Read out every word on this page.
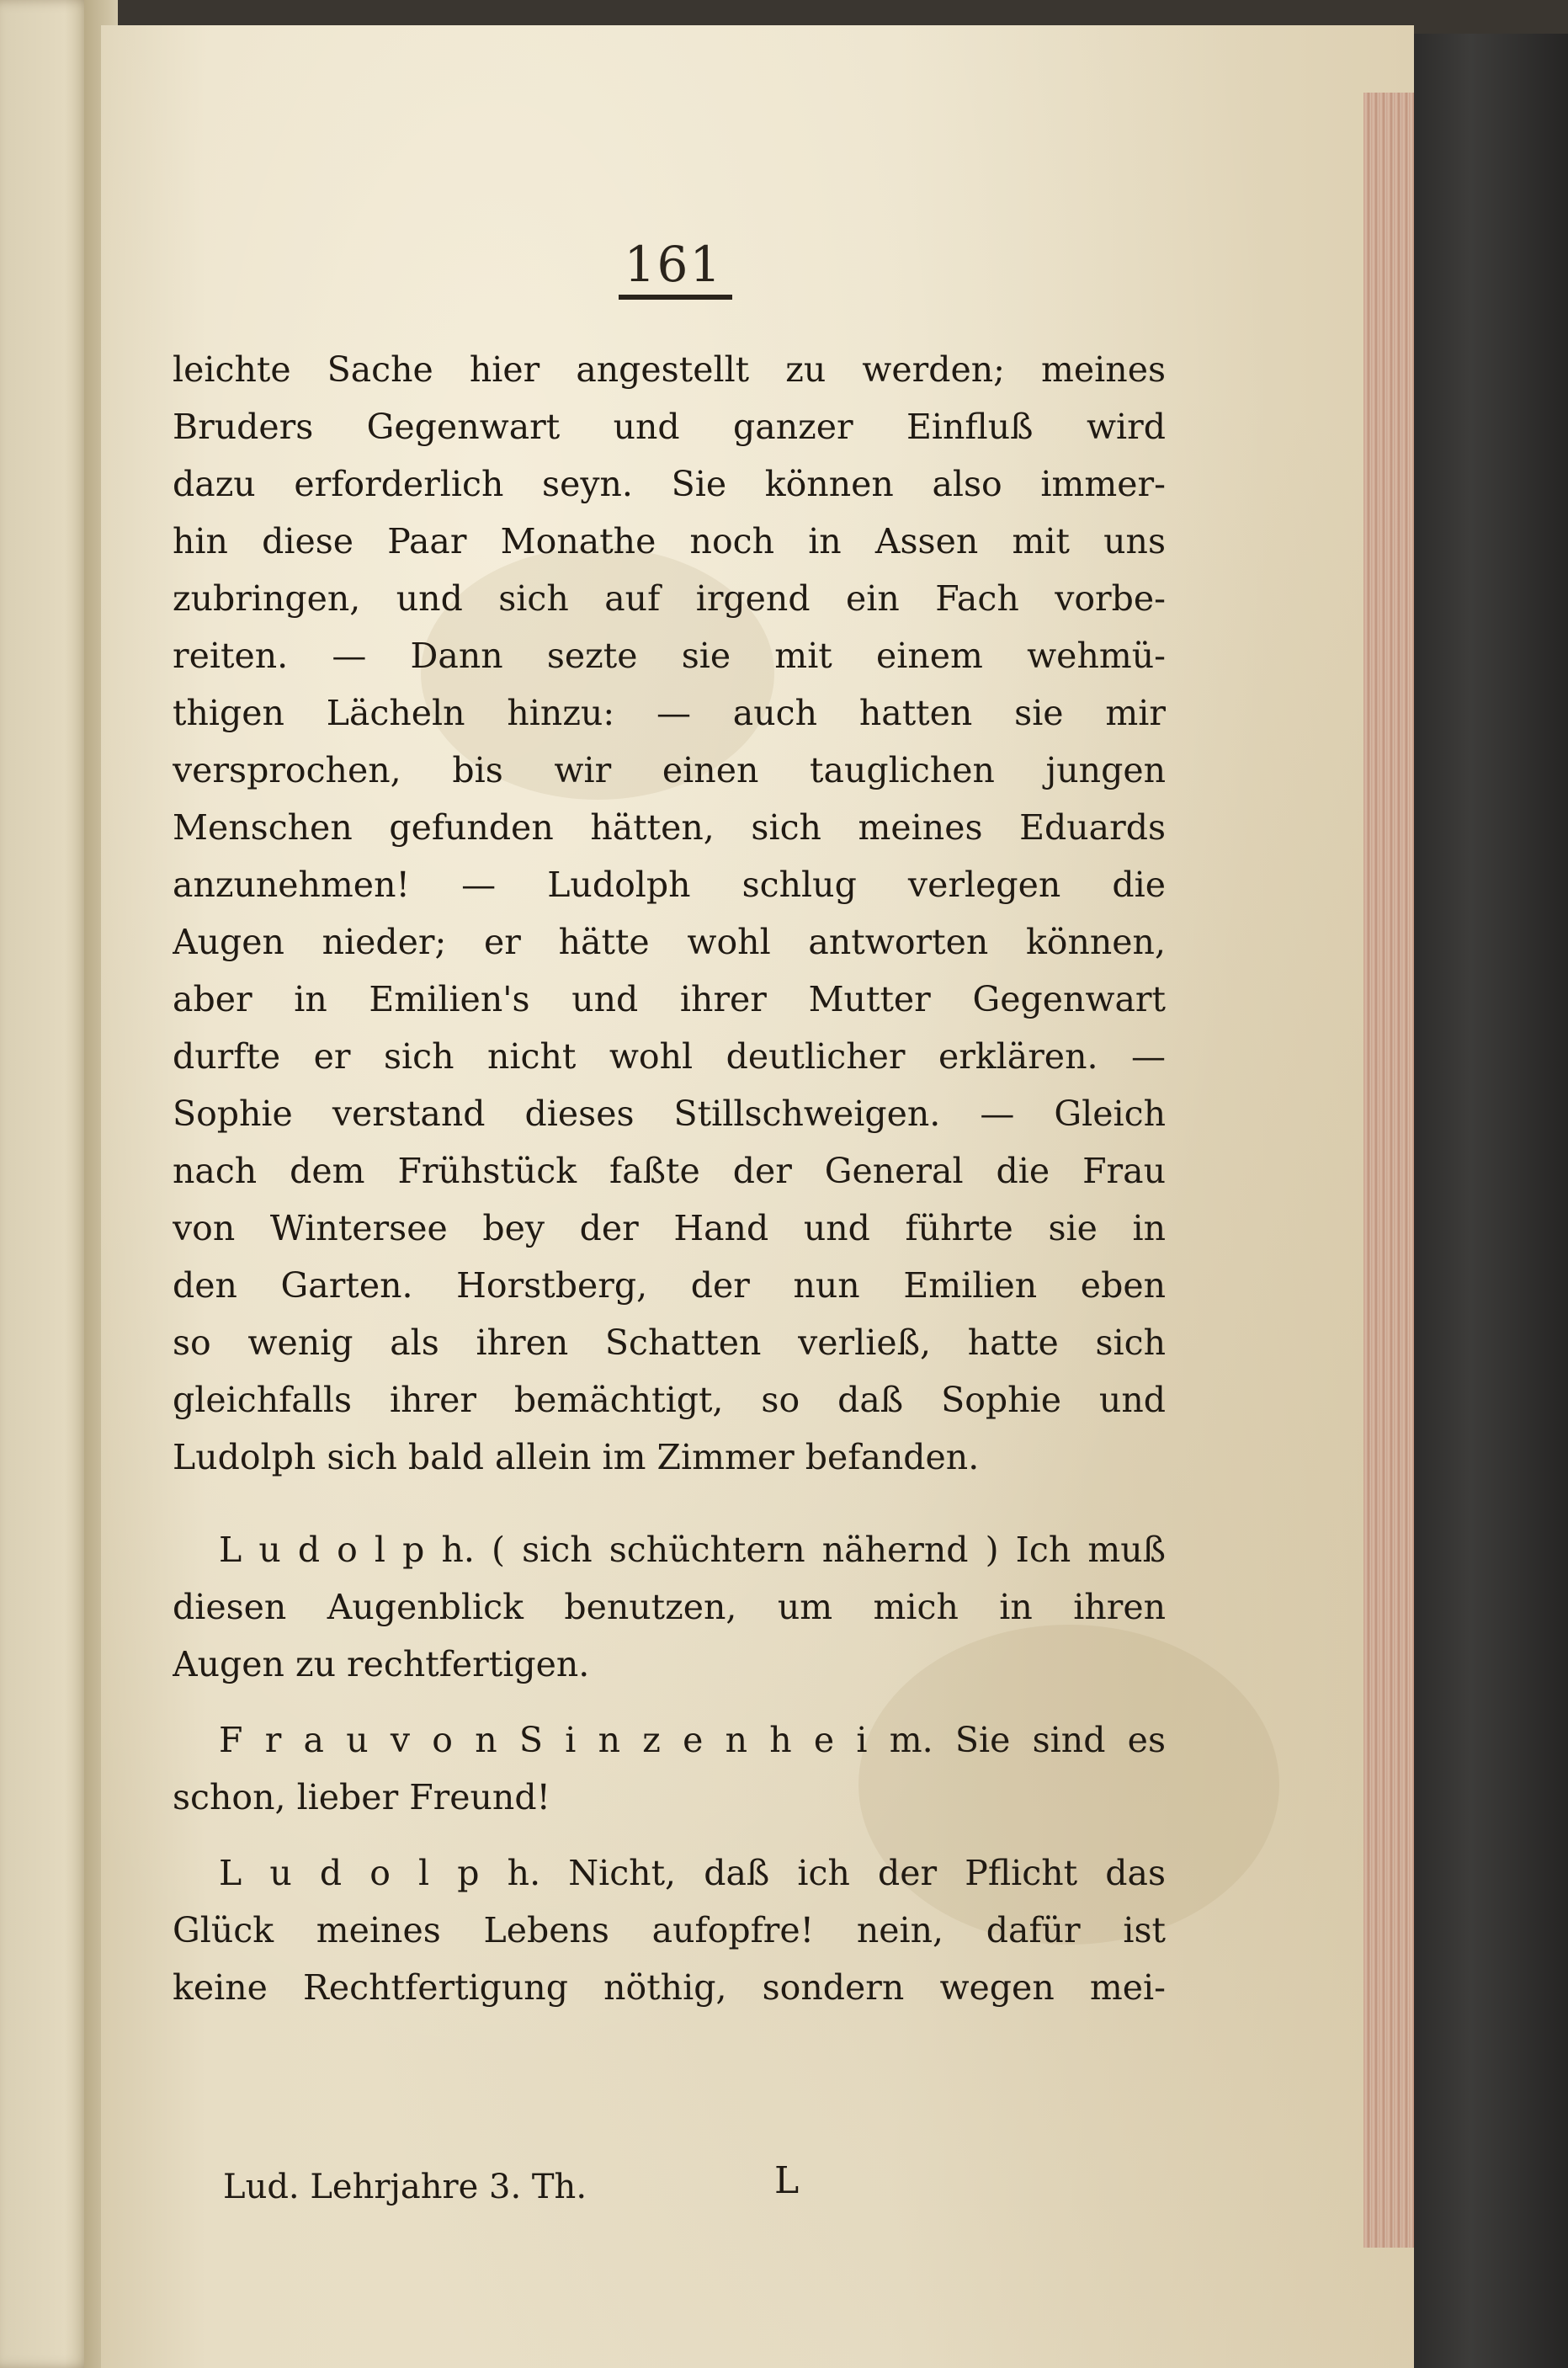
161
leichte Sache hier angestellt zu werden; meines
Bruders Gegenwart und ganzer Einfluß wird
dazu erforderlich seyn. Sie können also immer-
hin diese Paar Monathe noch in Assen mit uns
zubringen, und sich auf irgend ein Fach vorbe-
reiten. — Dann sezte sie mit einem wehmü-
thigen Lächeln hinzu: — auch hatten sie mir
versprochen, bis wir einen tauglichen jungen
Menschen gefunden hätten, sich meines Eduards
anzunehmen! — Ludolph schlug verlegen die
Augen nieder; er hätte wohl antworten können,
aber in Emilien's und ihrer Mutter Gegenwart
durfte er sich nicht wohl deutlicher erklären. —
Sophie verstand dieses Stillschweigen. — Gleich
nach dem Frühstück faßte der General die Frau
von Wintersee bey der Hand und führte sie in
den Garten. Horstberg, der nun Emilien eben
so wenig als ihren Schatten verließ, hatte sich
gleichfalls ihrer bemächtigt, so daß Sophie und
Ludolph sich bald allein im Zimmer befanden.
L u d o l p h. ( sich schüchtern nähernd ) Ich muß
diesen Augenblick benutzen, um mich in ihren
Augen zu rechtfertigen.
F r a u v o n S i n z e n h e i m. Sie sind es
schon, lieber Freund!
L u d o l p h. Nicht, daß ich der Pflicht das
Glück meines Lebens aufopfre! nein, dafür ist
keine Rechtfertigung nöthig, sondern wegen mei-
Lud. Lehrjahre 3. Th.	L
